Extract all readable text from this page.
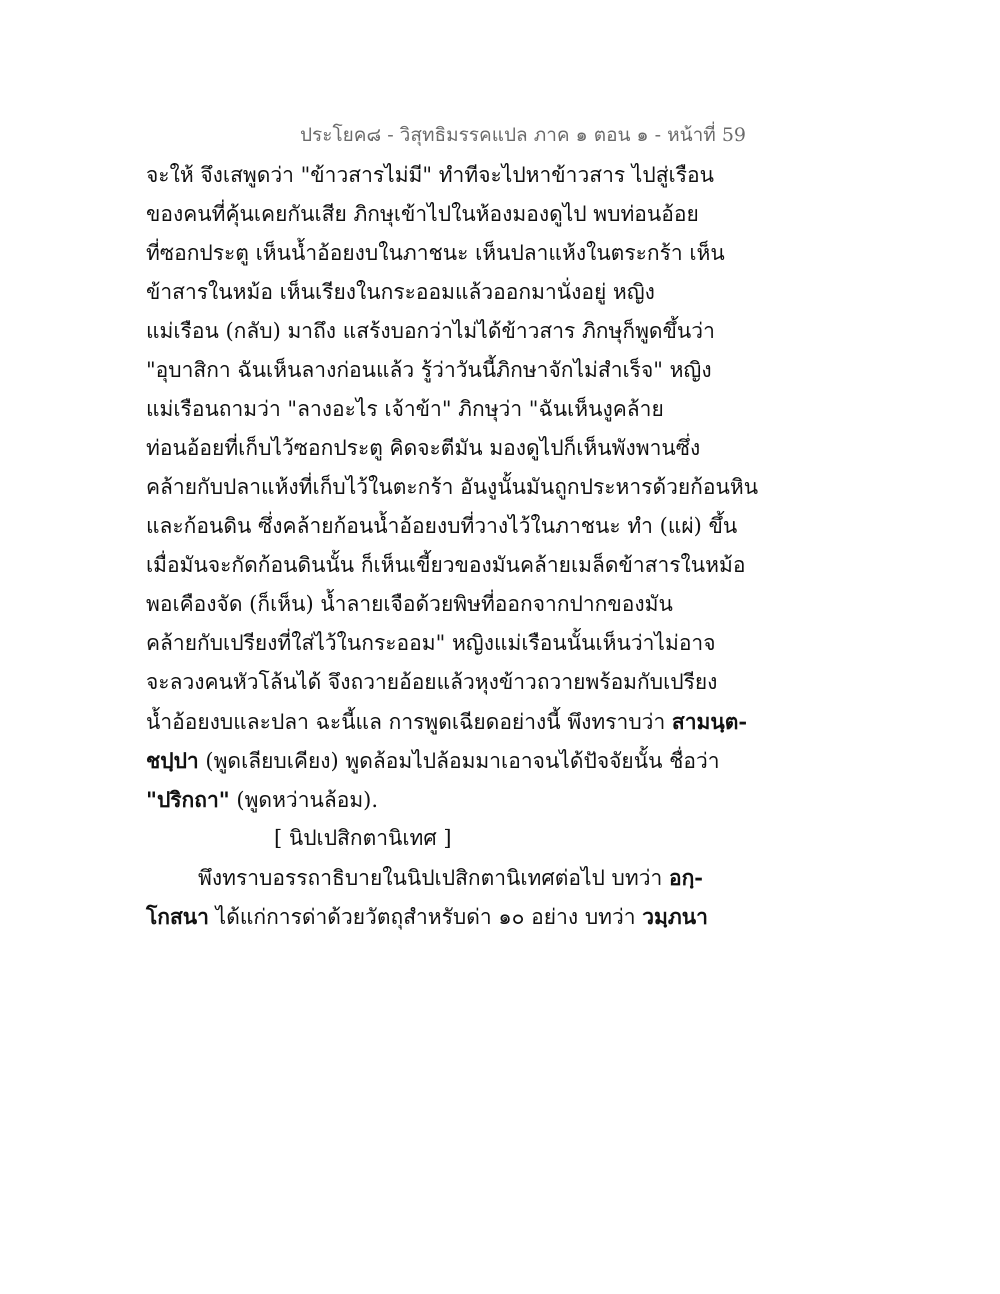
ประโยค๘ - วิสุทธิมรรคแปล ภาค ๑ ตอน ๑ - หน้าที่ 59
จะให้ จึงเสพูดว่า "ข้าวสารไม่มี" ทำทีจะไปหาข้าวสาร ไปสู่เรือน
ของคนที่คุ้นเคยกันเสีย ภิกษุเข้าไปในห้องมองดูไป พบท่อนอ้อย
ที่ซอกประตู เห็นน้ำอ้อยงบในภาชนะ เห็นปลาแห้งในตระกร้า เห็น
ข้าสารในหม้อ เห็นเรียงในกระออมแล้วออกมานั่งอยู่ หญิง
แม่เรือน (กลับ) มาถึง แสร้งบอกว่าไม่ได้ข้าวสาร ภิกษุก็พูดขึ้นว่า
"อุบาสิกา ฉันเห็นลางก่อนแล้ว รู้ว่าวันนี้ภิกษาจักไม่สำเร็จ" หญิง
แม่เรือนถามว่า "ลางอะไร เจ้าข้า" ภิกษุว่า "ฉันเห็นงูคล้าย
ท่อนอ้อยที่เก็บไว้ซอกประตู คิดจะตีมัน มองดูไปก็เห็นพังพานซึ่ง
คล้ายกับปลาแห้งที่เก็บไว้ในตะกร้า อันงูนั้นมันถูกประหารด้วยก้อนหิน
และก้อนดิน ซึ่งคล้ายก้อนน้ำอ้อยงบที่วางไว้ในภาชนะ ทำ (แผ่) ขึ้น
เมื่อมันจะกัดก้อนดินนั้น ก็เห็นเขี้ยวของมันคล้ายเมล็ดข้าสารในหม้อ
พอเคืองจัด (ก็เห็น) น้ำลายเจือด้วยพิษที่ออกจากปากของมัน
คล้ายกับเปรียงที่ใส่ไว้ในกระออม" หญิงแม่เรือนนั้นเห็นว่าไม่อาจ
จะลวงคนหัวโล้นได้ จึงถวายอ้อยแล้วหุงข้าวถวายพร้อมกับเปรียง
น้ำอ้อยงบและปลา ฉะนี้แล การพูดเฉียดอย่างนี้ พึงทราบว่า สามนฺต-
ชปฺปา (พูดเลียบเคียง) พูดล้อมไปล้อมมาเอาจนได้ปัจจัยนั้น ชื่อว่า
"ปริกถา" (พูดหว่านล้อม).
[ นิปเปสิกตานิเทศ ]
พึงทราบอรรถาธิบายในนิปเปสิกตานิเทศต่อไป บทว่า อกฺ-
โกสนา ได้แก่การด่าด้วยวัตถุสำหรับด่า ๑๐ อย่าง บทว่า วมฺภนา
